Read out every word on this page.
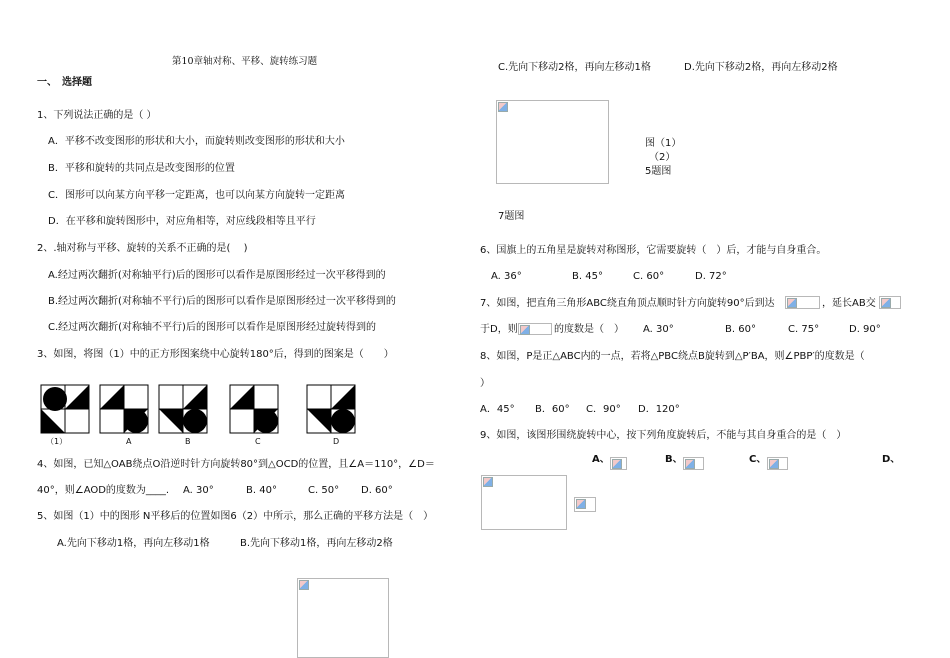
第10章轴对称、平移、旋转练习题
一、　选择题
1、下列说法正确的是（ ）
A．平移不改变图形的形状和大小，而旋转则改变图形的形状和大小
B．平移和旋转的共同点是改变图形的位置
C．图形可以向某方向平移一定距离，也可以向某方向旋转一定距离
D．在平移和旋转图形中，对应角相等，对应线段相等且平行
2、.轴对称与平移、旋转的关系不正确的是(　 )
A.经过两次翻折(对称轴平行)后的图形可以看作是原图形经过一次平移得到的
B.经过两次翻折(对称轴不平行)后的图形可以看作是原图形经过一次平移得到的
C.经过两次翻折(对称轴不平行)后的图形可以看作是原图形经过旋转得到的
3、如图，将图（1）中的正方形图案绕中心旋转180°后，得到的图案是（　　）
（1）	A	B	C	D
4、如图，已知△OAB绕点O沿逆时针方向旋转80°到△OCD的位置，且∠A＝110°，∠D＝
40°，则∠AOD的度数为____. A. 30°	B. 40°	C. 50° D. 60°
5、如图（1）中的图形 N平移后的位置如图6（2）中所示，那么正确的平移方法是（　）
A.先向下移动1格，再向左移动1格	B.先向下移动1格，再向左移动2格
C.先向下移动2格，再向左移动1格	D.先向下移动2格，再向左移动2格
图（1）
（2）
5题图
7题图
6、国旗上的五角星是旋转对称图形，它需要旋转（　）后，才能与自身重合。
A. 36°	B. 45°	C. 60°	D. 72°
7、如图，把直角三角形ABC绕直角顶点顺时针方向旋转90°后到达	，延长AB交
于D，则	的度数是（　） A. 30°	B. 60°	C. 75°	D. 90°
8、如图，P是正△ABC内的一点，若将△PBC绕点B旋转到△P′BA，则∠PBP′的度数是（
）
A．45° B．60° C．90° D．120°
9、如图，该图形围绕旋转中心，按下列角度旋转后，不能与其自身重合的是（　）
A、	B、	C、	D、
